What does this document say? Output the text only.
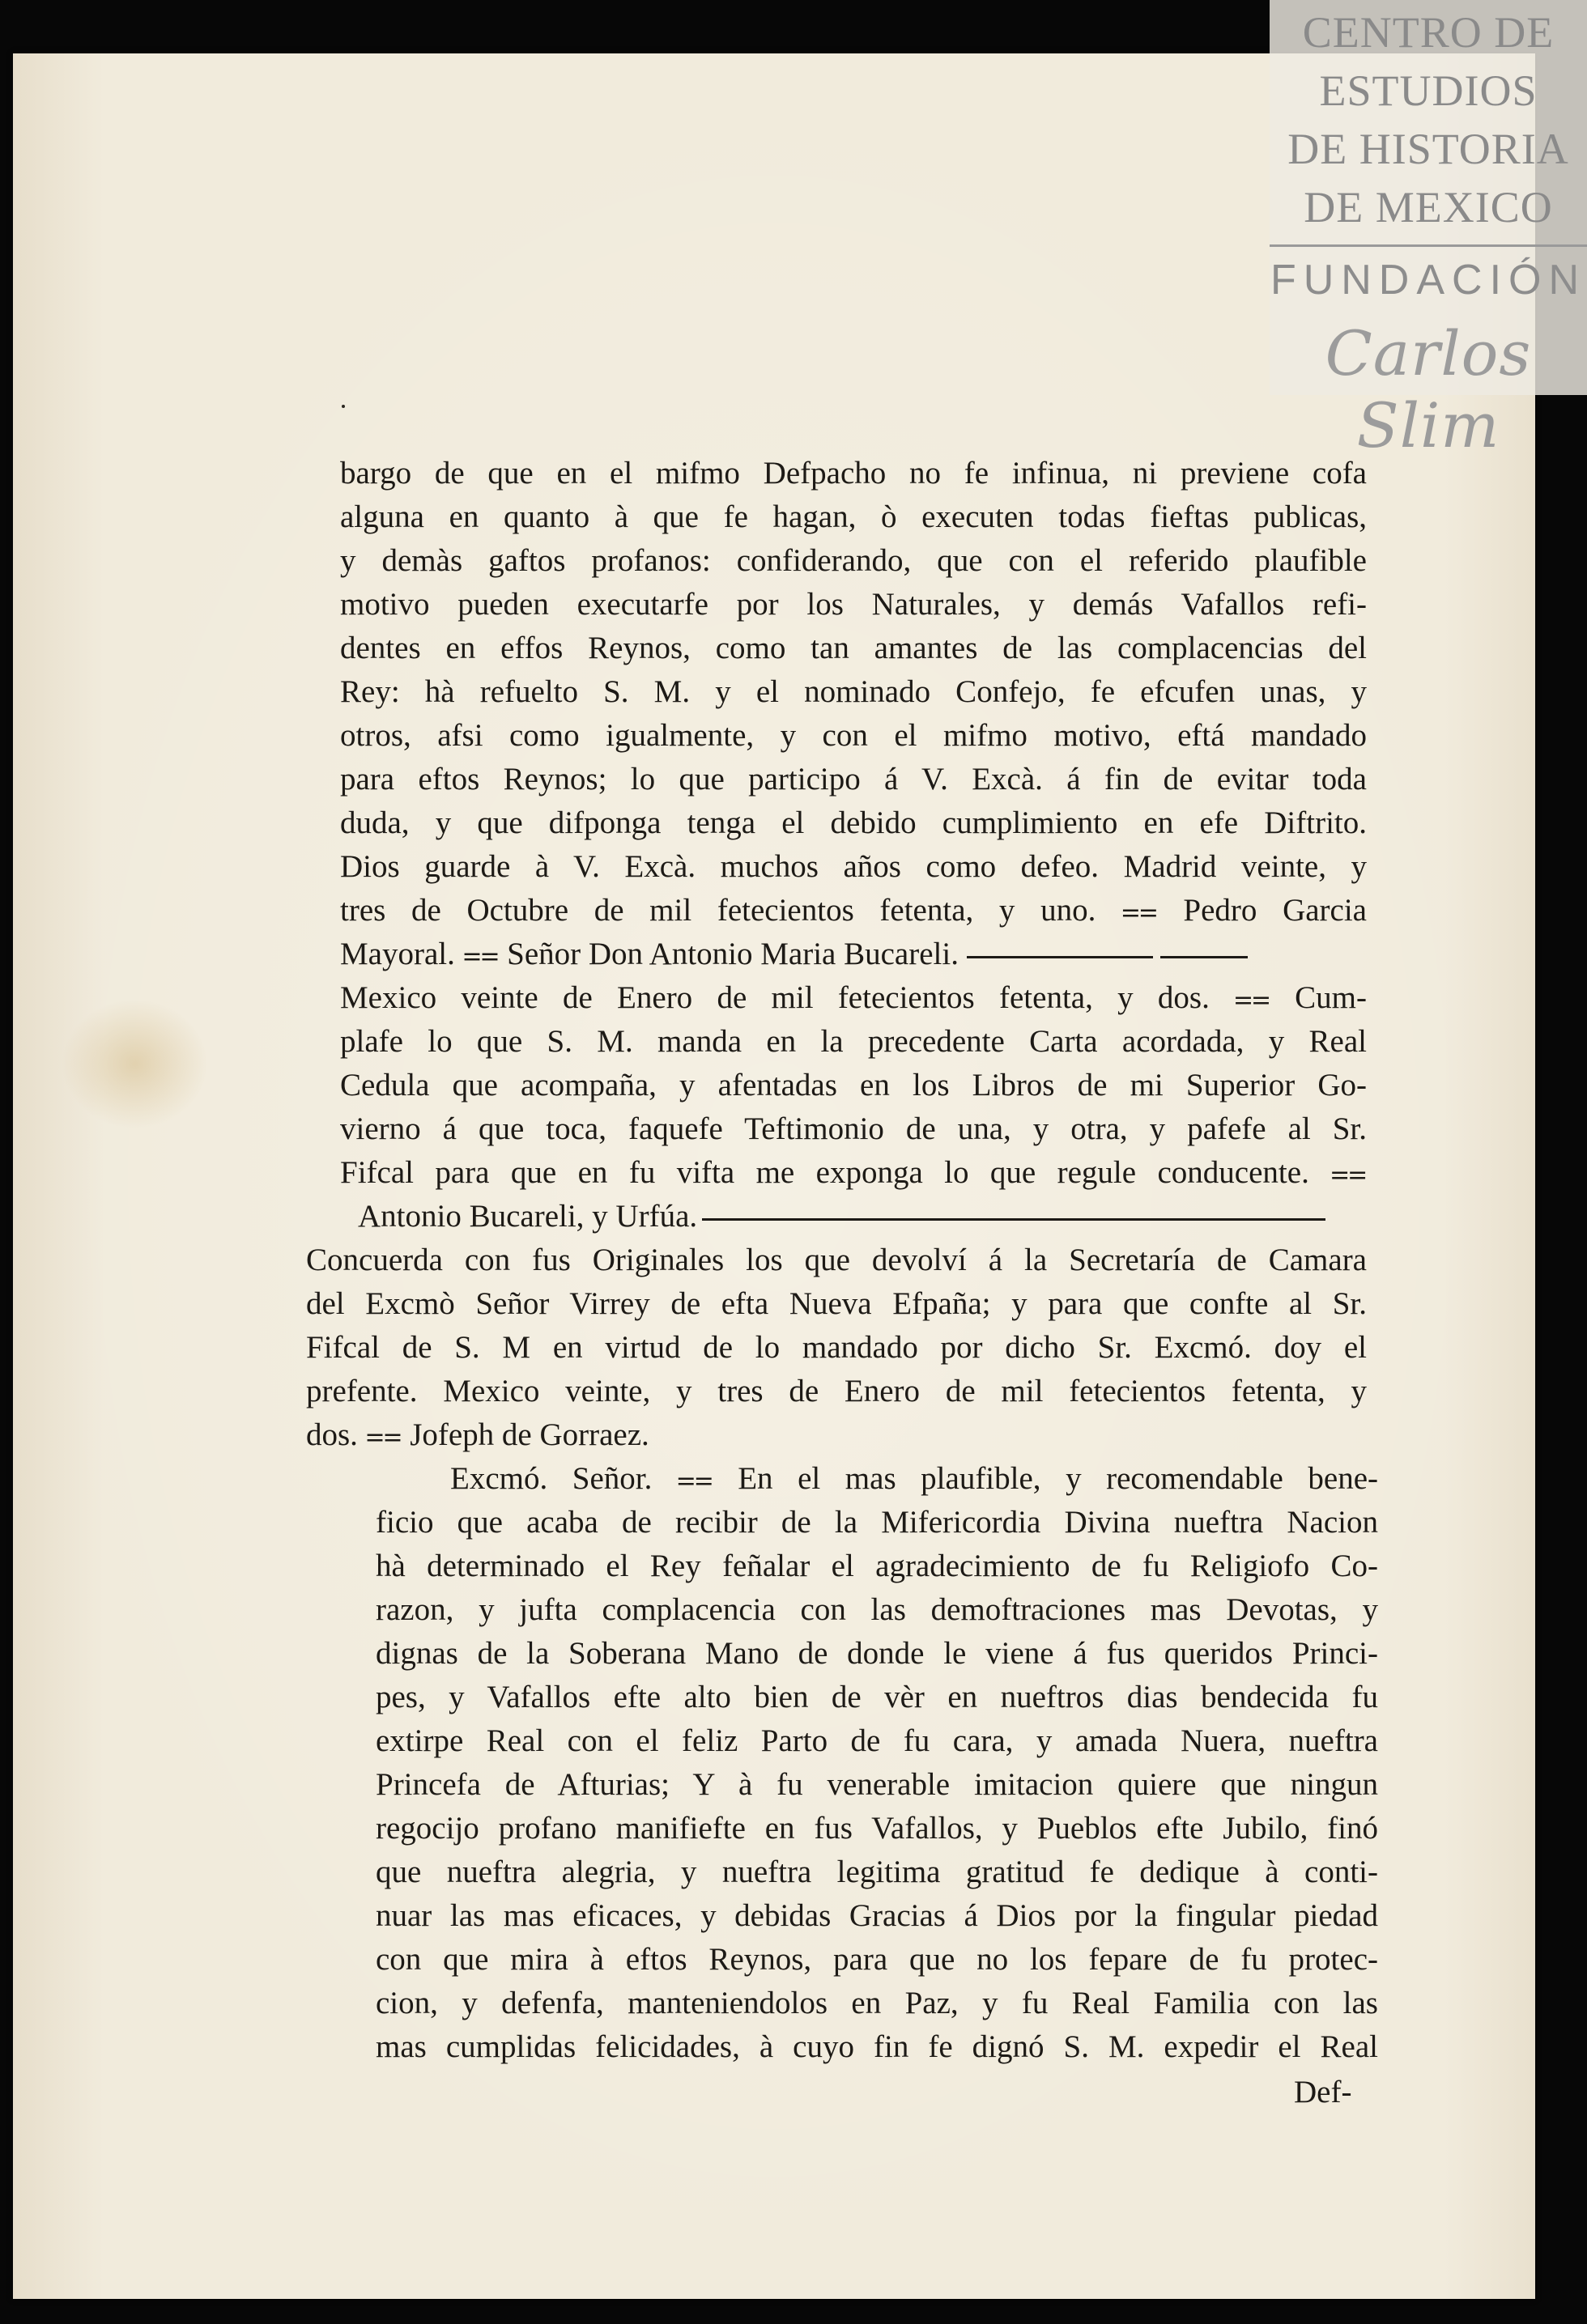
CENTRO DE
ESTUDIOS
DE HISTORIA
DE MEXICO
FUNDACIÓN
Carlos Slim
bargo de que en el mifmo Defpacho no fe infinua, ni previene cofa
alguna en quanto à que fe hagan, ò executen todas fieftas publicas,
y demàs gaftos profanos: confiderando, que con el referido plaufible
motivo pueden executarfe por los Naturales, y demás Vafallos refi-
dentes en effos Reynos, como tan amantes de las complacencias del
Rey: hà refuelto S. M. y el nominado Confejo, fe efcufen unas, y
otros, afsi como igualmente, y con el mifmo motivo, eftá mandado
para eftos Reynos; lo que participo á V. Excà. á fin de evitar toda
duda, y que difponga tenga el debido cumplimiento en efe Diftrito.
Dios guarde à V. Excà. muchos años como defeo. Madrid veinte, y
tres de Octubre de mil fetecientos fetenta, y uno. ⩵ Pedro Garcia
Mayoral. ⩵ Señor Don Antonio Maria Bucareli.
Mexico veinte de Enero de mil fetecientos fetenta, y dos. ⩵ Cum-
plafe lo que S. M. manda en la precedente Carta acordada, y Real
Cedula que acompaña, y afentadas en los Libros de mi Superior Go-
vierno á que toca, faquefe Teftimonio de una, y otra, y pafefe al Sr.
Fifcal para que en fu vifta me exponga lo que regule conducente. ⩵
Antonio Bucareli, y Urfúa.
Concuerda con fus Originales los que devolví á la Secretaría de Camara
del Excmò Señor Virrey de efta Nueva Efpaña; y para que confte al Sr.
Fifcal de S. M en virtud de lo mandado por dicho Sr. Excmó. doy el
prefente. Mexico veinte, y tres de Enero de mil fetecientos fetenta, y
dos. ⩵ Jofeph de Gorraez.
Excmó. Señor. ⩵ En el mas plaufible, y recomendable bene-
ficio que acaba de recibir de la Mifericordia Divina nueftra Nacion
hà determinado el Rey feñalar el agradecimiento de fu Religiofo Co-
razon, y jufta complacencia con las demoftraciones mas Devotas, y
dignas de la Soberana Mano de donde le viene á fus queridos Princi-
pes, y Vafallos efte alto bien de vèr en nueftros dias bendecida fu
extirpe Real con el feliz Parto de fu cara, y amada Nuera, nueftra
Princefa de Afturias; Y à fu venerable imitacion quiere que ningun
regocijo profano manifiefte en fus Vafallos, y Pueblos efte Jubilo, finó
que nueftra alegria, y nueftra legitima gratitud fe dedique à conti-
nuar las mas eficaces, y debidas Gracias á Dios por la fingular piedad
con que mira à eftos Reynos, para que no los fepare de fu protec-
cion, y defenfa, manteniendolos en Paz, y fu Real Familia con las
mas cumplidas felicidades, à cuyo fin fe dignó S. M. expedir el Real
Def-
